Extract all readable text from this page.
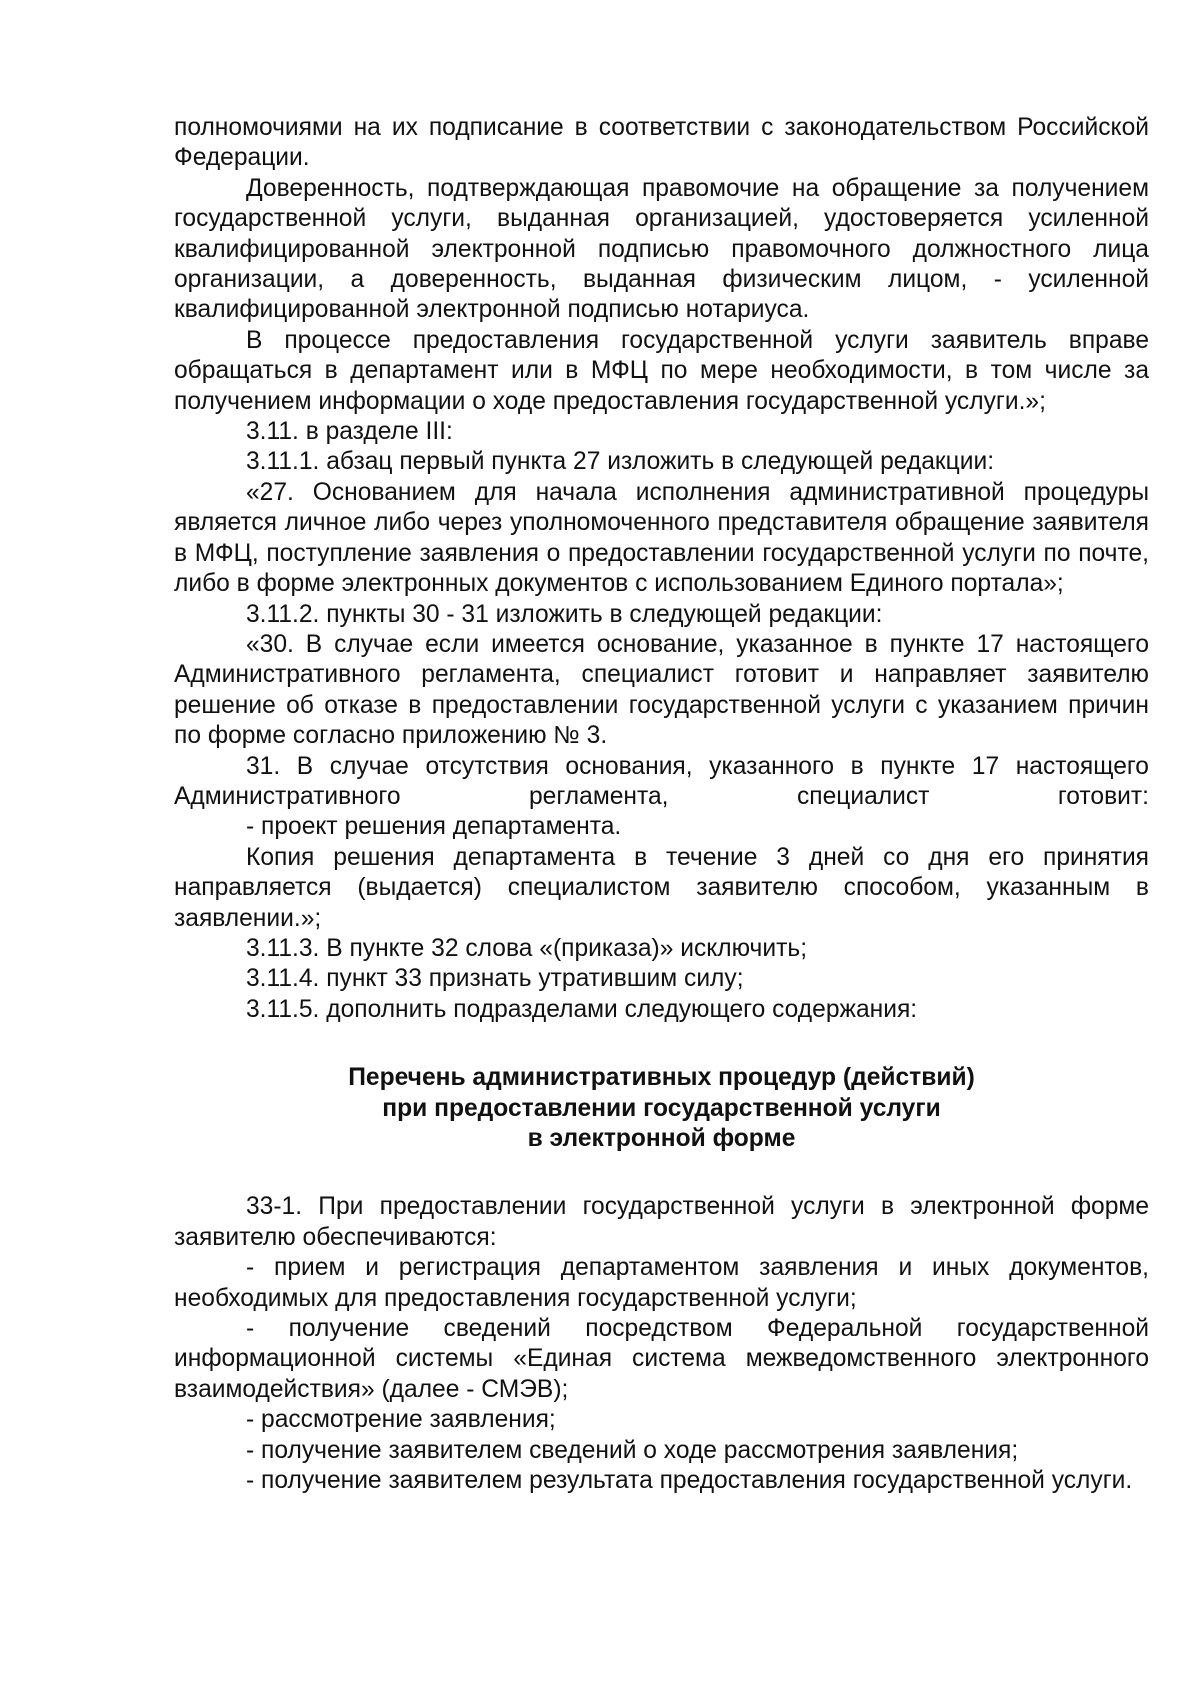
полномочиями на их подписание в соответствии с законодательством Российской Федерации.

Доверенность, подтверждающая правомочие на обращение за получением государственной услуги, выданная организацией, удостоверяется усиленной квалифицированной электронной подписью правомочного должностного лица организации, а доверенность, выданная физическим лицом, - усиленной квалифицированной электронной подписью нотариуса.

В процессе предоставления государственной услуги заявитель вправе обращаться в департамент или в МФЦ по мере необходимости, в том числе за получением информации о ходе предоставления государственной услуги.»;

3.11. в разделе III:

3.11.1. абзац первый пункта 27 изложить в следующей редакции:

«27. Основанием для начала исполнения административной процедуры является личное либо через уполномоченного представителя обращение заявителя в МФЦ, поступление заявления о предоставлении государственной услуги по почте, либо в форме электронных документов с использованием Единого портала»;

3.11.2. пункты 30 - 31 изложить в следующей редакции:

«30. В случае если имеется основание, указанное в пункте 17 настоящего Административного регламента, специалист готовит и направляет заявителю решение об отказе в предоставлении государственной услуги с указанием причин по форме согласно приложению № 3.

31. В случае отсутствия основания, указанного в пункте 17 настоящего Административного регламента, специалист готовит:

- проект решения департамента.

Копия решения департамента в течение 3 дней со дня его принятия направляется (выдается) специалистом заявителю способом, указанным в заявлении.»;

3.11.3. В пункте 32 слова «(приказа)» исключить;

3.11.4. пункт 33 признать утратившим силу;

3.11.5. дополнить подразделами следующего содержания:

Перечень административных процедур (действий)
при предоставлении государственной услуги
в электронной форме

33-1. При предоставлении государственной услуги в электронной форме заявителю обеспечиваются:

- прием и регистрация департаментом заявления и иных документов, необходимых для предоставления государственной услуги;

- получение сведений посредством Федеральной государственной информационной системы «Единая система межведомственного электронного взаимодействия» (далее - СМЭВ);

- рассмотрение заявления;

- получение заявителем сведений о ходе рассмотрения заявления;

- получение заявителем результата предоставления государственной услуги.
